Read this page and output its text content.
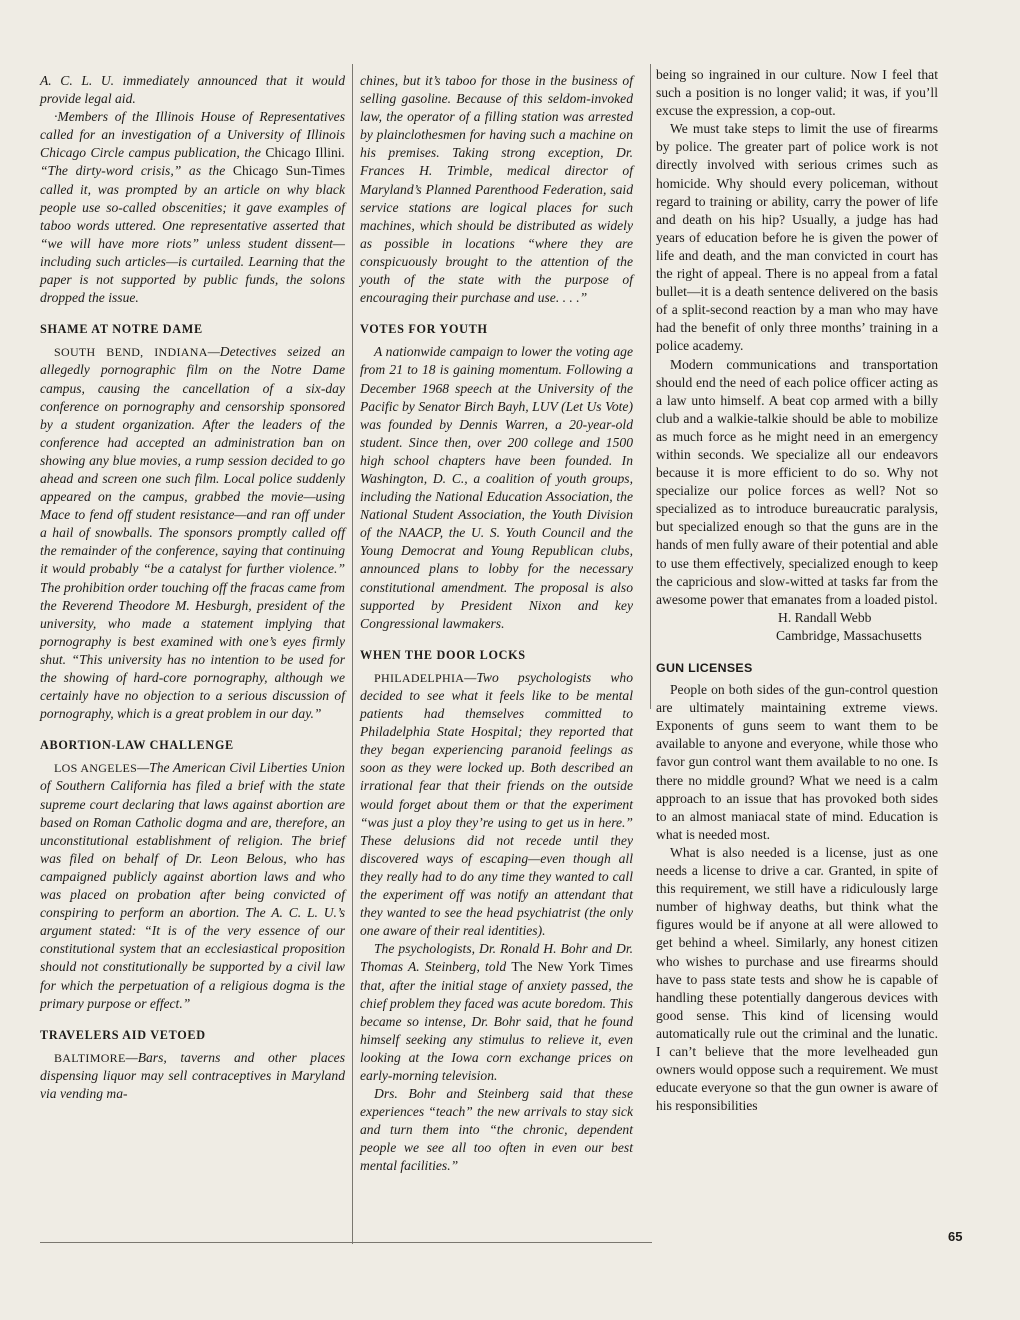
A. C. L. U. immediately announced that it would provide legal aid.

·Members of the Illinois House of Representatives called for an investigation of a University of Illinois Chicago Circle campus publication, the Chicago Illini. “The dirty-word crisis,” as the Chicago Sun-Times called it, was prompted by an article on why black people use so-called obscenities; it gave examples of taboo words uttered. One representative asserted that “we will have more riots” unless student dissent—including such articles—is curtailed. Learning that the paper is not supported by public funds, the solons dropped the issue.

SHAME AT NOTRE DAME

SOUTH BEND, INDIANA—Detectives seized an allegedly pornographic film on the Notre Dame campus, causing the cancellation of a six-day conference on pornography and censorship sponsored by a student organization. After the leaders of the conference had accepted an administration ban on showing any blue movies, a rump session decided to go ahead and screen one such film. Local police suddenly appeared on the campus, grabbed the movie—using Mace to fend off student resistance—and ran off under a hail of snowballs. The sponsors promptly called off the remainder of the conference, saying that continuing it would probably “be a catalyst for further violence.” The prohibition order touching off the fracas came from the Reverend Theodore M. Hesburgh, president of the university, who made a statement implying that pornography is best examined with one’s eyes firmly shut. “This university has no intention to be used for the showing of hard-core pornography, although we certainly have no objection to a serious discussion of pornography, which is a great problem in our day.”

ABORTION-LAW CHALLENGE

LOS ANGELES—The American Civil Liberties Union of Southern California has filed a brief with the state supreme court declaring that laws against abortion are based on Roman Catholic dogma and are, therefore, an unconstitutional establishment of religion. The brief was filed on behalf of Dr. Leon Belous, who has campaigned publicly against abortion laws and who was placed on probation after being convicted of conspiring to perform an abortion. The A. C. L. U.’s argument stated: “It is of the very essence of our constitutional system that an ecclesiastical proposition should not constitutionally be supported by a civil law for which the perpetuation of a religious dogma is the primary purpose or effect.”

TRAVELERS AID VETOED

BALTIMORE—Bars, taverns and other places dispensing liquor may sell contraceptives in Maryland via vending ma-

chines, but it’s taboo for those in the business of selling gasoline. Because of this seldom-invoked law, the operator of a filling station was arrested by plainclothesmen for having such a machine on his premises. Taking strong exception, Dr. Frances H. Trimble, medical director of Maryland’s Planned Parenthood Federation, said service stations are logical places for such machines, which should be distributed as widely as possible in locations “where they are conspicuously brought to the attention of the youth of the state with the purpose of encouraging their purchase and use. . . .”

VOTES FOR YOUTH

A nationwide campaign to lower the voting age from 21 to 18 is gaining momentum. Following a December 1968 speech at the University of the Pacific by Senator Birch Bayh, LUV (Let Us Vote) was founded by Dennis Warren, a 20-year-old student. Since then, over 200 college and 1500 high school chapters have been founded. In Washington, D. C., a coalition of youth groups, including the National Education Association, the National Student Association, the Youth Division of the NAACP, the U. S. Youth Council and the Young Democrat and Young Republican clubs, announced plans to lobby for the necessary constitutional amendment. The proposal is also supported by President Nixon and key Congressional lawmakers.

WHEN THE DOOR LOCKS

PHILADELPHIA—Two psychologists who decided to see what it feels like to be mental patients had themselves committed to Philadelphia State Hospital; they reported that they began experiencing paranoid feelings as soon as they were locked up. Both described an irrational fear that their friends on the outside would forget about them or that the experiment “was just a ploy they’re using to get us in here.” These delusions did not recede until they discovered ways of escaping—even though all they really had to do any time they wanted to call the experiment off was notify an attendant that they wanted to see the head psychiatrist (the only one aware of their real identities).

The psychologists, Dr. Ronald H. Bohr and Dr. Thomas A. Steinberg, told The New York Times that, after the initial stage of anxiety passed, the chief problem they faced was acute boredom. This became so intense, Dr. Bohr said, that he found himself seeking any stimulus to relieve it, even looking at the Iowa corn exchange prices on early-morning television.

Drs. Bohr and Steinberg said that these experiences “teach” the new arrivals to stay sick and turn them into “the chronic, dependent people we see all too often in even our best mental facilities.”

being so ingrained in our culture. Now I feel that such a position is no longer valid; it was, if you’ll excuse the expression, a cop-out.

We must take steps to limit the use of firearms by police. The greater part of police work is not directly involved with serious crimes such as homicide. Why should every policeman, without regard to training or ability, carry the power of life and death on his hip? Usually, a judge has had years of education before he is given the power of life and death, and the man convicted in court has the right of appeal. There is no appeal from a fatal bullet—it is a death sentence delivered on the basis of a split-second reaction by a man who may have had the benefit of only three months’ training in a police academy.

Modern communications and transportation should end the need of each police officer acting as a law unto himself. A beat cop armed with a billy club and a walkie-talkie should be able to mobilize as much force as he might need in an emergency within seconds. We specialize all our endeavors because it is more efficient to do so. Why not specialize our police forces as well? Not so specialized as to introduce bureaucratic paralysis, but specialized enough so that the guns are in the hands of men fully aware of their potential and able to use them effectively, specialized enough to keep the capricious and slow-witted at tasks far from the awesome power that emanates from a loaded pistol.

H. Randall Webb

Cambridge, Massachusetts

GUN LICENSES

People on both sides of the gun-control question are ultimately maintaining extreme views. Exponents of guns seem to want them to be available to anyone and everyone, while those who favor gun control want them available to no one. Is there no middle ground? What we need is a calm approach to an issue that has provoked both sides to an almost maniacal state of mind. Education is what is needed most.

What is also needed is a license, just as one needs a license to drive a car. Granted, in spite of this requirement, we still have a ridiculously large number of highway deaths, but think what the figures would be if anyone at all were allowed to get behind a wheel. Similarly, any honest citizen who wishes to purchase and use firearms should have to pass state tests and show he is capable of handling these potentially dangerous devices with good sense. This kind of licensing would automatically rule out the criminal and the lunatic. I can’t believe that the more levelheaded gun owners would oppose such a requirement. We must educate everyone so that the gun owner is aware of his responsibilities

65
